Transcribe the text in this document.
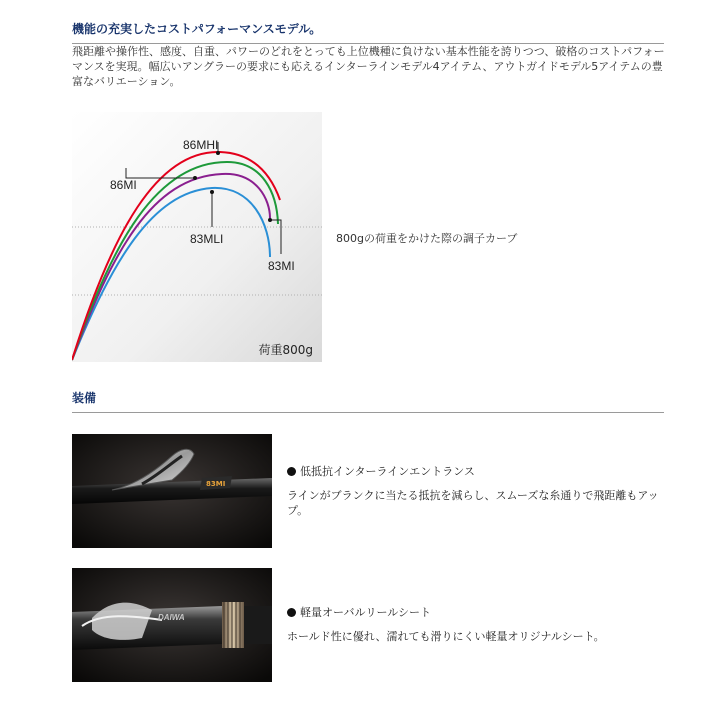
機能の充実したコストパフォーマンスモデル。
飛距離や操作性、感度、自重、パワーのどれをとっても上位機種に負けない基本性能を誇りつつ、破格のコストパフォーマンスを実現。幅広いアングラーの要求にも応えるインターラインモデル4アイテム、アウトガイドモデル5アイテムの豊富なバリエーション。
86MHI
86MI
83MLI
83MI
荷重800g
800gの荷重をかけた際の調子カーブ
装備
83MI
低抵抗インターラインエントランス
ラインがブランクに当たる抵抗を減らし、スムーズな糸通りで飛距離もアップ。
DAIWA	軽量オーバルリールシート
ホールド性に優れ、濡れても滑りにくい軽量オリジナルシート。
